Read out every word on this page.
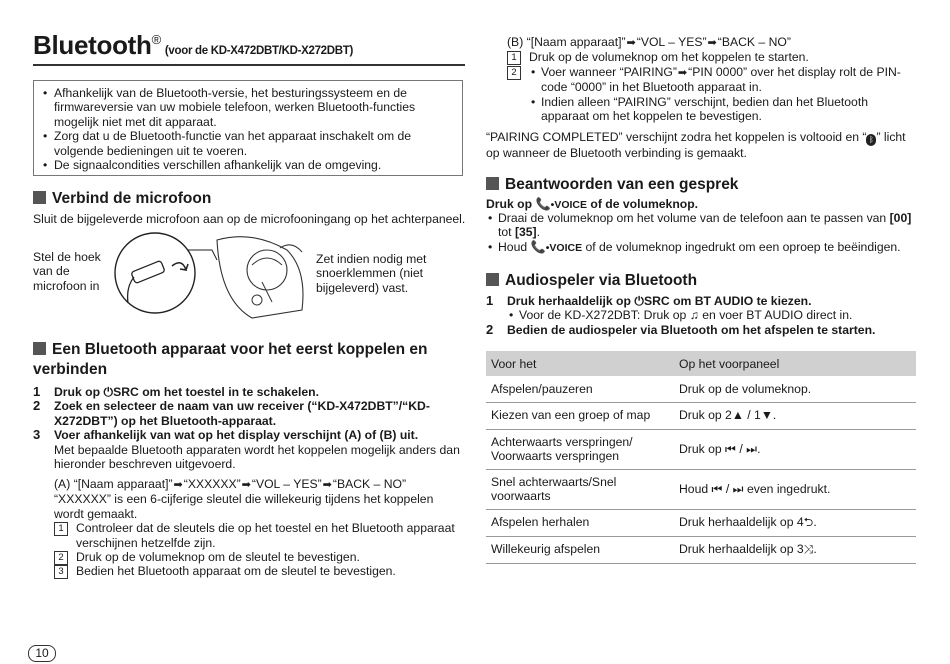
Bluetooth®(voor de KD-X472DBT/KD-X272DBT)
• Afhankelijk van de Bluetooth-versie, het besturingssysteem en de firmwareversie van uw mobiele telefoon, werken Bluetooth-functies mogelijk niet met dit apparaat.
• Zorg dat u de Bluetooth-functie van het apparaat inschakelt om de volgende bedieningen uit te voeren.
• De signaalcondities verschillen afhankelijk van de omgeving.
Verbind de microfoon
Sluit de bijgeleverde microfoon aan op de microfooningang op het achterpaneel.
Stel de hoek van de microfoon in
Zet indien nodig met snoerklemmen (niet bijgeleverd) vast.
Een Bluetooth apparaat voor het eerst koppelen en verbinden
1 Druk op ⏻SRC om het toestel in te schakelen.
2 Zoek en selecteer de naam van uw receiver (“KD-X472DBT”/“KD-X272DBT”) op het Bluetooth-apparaat.
3 Voer afhankelijk van wat op het display verschijnt (A) of (B) uit.
Met bepaalde Bluetooth apparaten wordt het koppelen mogelijk anders dan hieronder beschreven uitgevoerd.
(A) “[Naam apparaat]”➡“XXXXXX”➡“VOL – YES”➡“BACK – NO”
“XXXXXX” is een 6-cijferige sleutel die willekeurig tijdens het koppelen wordt gemaakt.
1	Controleer dat de sleutels die op het toestel en het Bluetooth apparaat verschijnen hetzelfde zijn.
2	Druk op de volumeknop om de sleutel te bevestigen.
3	Bedien het Bluetooth apparaat om de sleutel te bevestigen.
(B) “[Naam apparaat]”➡“VOL – YES”➡“BACK – NO”
1	Druk op de volumeknop om het koppelen te starten.
2	• Voer wanneer “PAIRING”➡“PIN 0000” over het display rolt de PIN-code “0000” in het Bluetooth apparaat in.
• Indien alleen “PAIRING” verschijnt, bedien dan het Bluetooth apparaat om het koppelen te bevestigen.
“PAIRING COMPLETED” verschijnt zodra het koppelen is voltooid en “ ᛒ ” licht op wanneer de Bluetooth verbinding is gemaakt.
Beantwoorden van een gesprek
Druk op 📞•VOICE of de volumeknop.
• Draai de volumeknop om het volume van de telefoon aan te passen van [00] tot [35].
• Houd 📞•VOICE of de volumeknop ingedrukt om een oproep te beëindigen.
Audiospeler via Bluetooth
1 Druk herhaaldelijk op ⏻SRC om BT AUDIO te kiezen.
• Voor de KD-X272DBT: Druk op ♫ en voer BT AUDIO direct in.
2 Bedien de audiospeler via Bluetooth om het afspelen te starten.
Voor het	Op het voorpaneel
Afspelen/pauzeren	Druk op de volumeknop.
Kiezen van een groep of map	Druk op 2▲ / 1▼.
Achterwaarts verspringen/ Voorwaarts verspringen	Druk op ⏮ / ⏭.
Snel achterwaarts/Snel voorwaarts	Houd ⏮ / ⏭ even ingedrukt.
Afspelen herhalen	Druk herhaaldelijk op 4⮌.
Willekeurig afspelen	Druk herhaaldelijk op 3⤨.
10
